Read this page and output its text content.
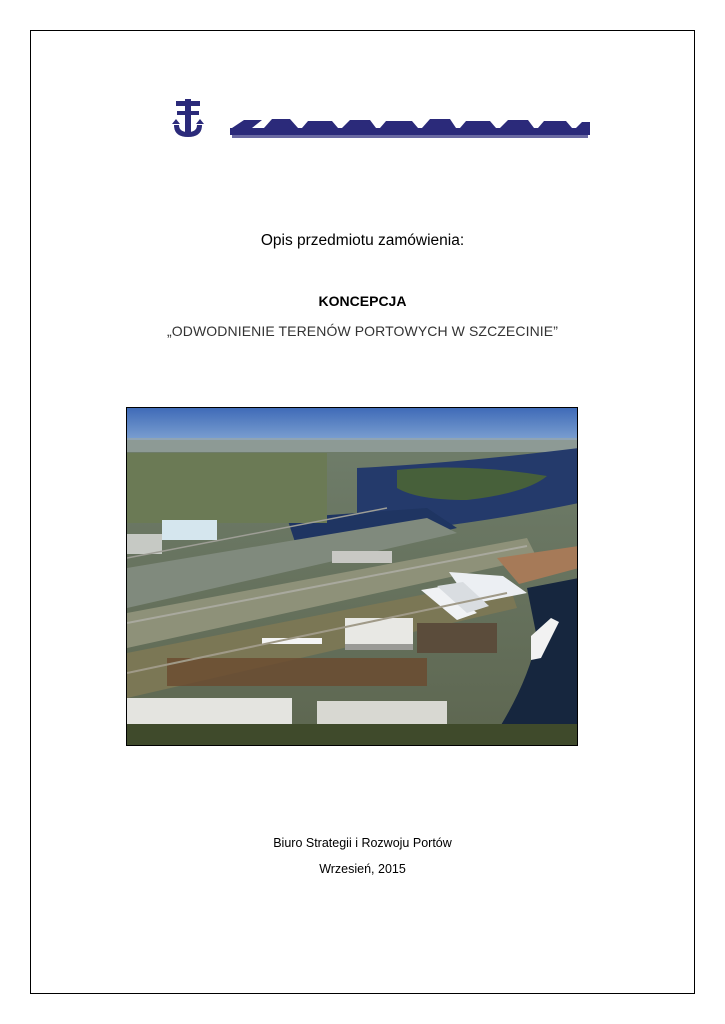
Opis przedmiotu zamówienia:
KONCEPCJA
„ODWODNIENIE TERENÓW PORTOWYCH W SZCZECINIE”
Biuro Strategii i Rozwoju Portów
Wrzesień, 2015
